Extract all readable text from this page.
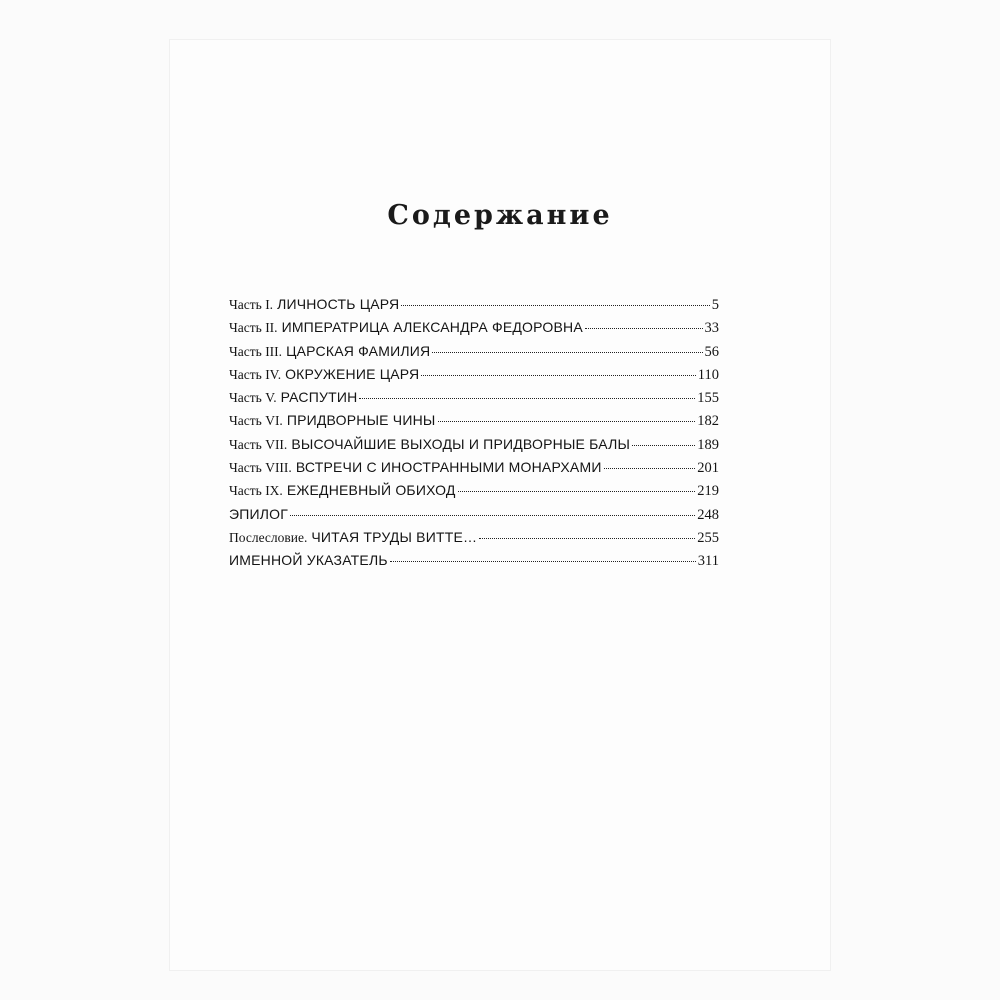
Содержание
Часть I. ЛИЧНОСТЬ ЦАРЯ	5
Часть II. ИМПЕРАТРИЦА АЛЕКСАНДРА ФЕДОРОВНА	33
Часть III. ЦАРСКАЯ ФАМИЛИЯ	56
Часть IV. ОКРУЖЕНИЕ ЦАРЯ	110
Часть V. РАСПУТИН	155
Часть VI. ПРИДВОРНЫЕ ЧИНЫ	182
Часть VII. ВЫСОЧАЙШИЕ ВЫХОДЫ И ПРИДВОРНЫЕ БАЛЫ	189
Часть VIII. ВСТРЕЧИ С ИНОСТРАННЫМИ МОНАРХАМИ	201
Часть IX. ЕЖЕДНЕВНЫЙ ОБИХОД	219
ЭПИЛОГ	248
Послесловие. ЧИТАЯ ТРУДЫ ВИТТЕ…	255
ИМЕННОЙ УКАЗАТЕЛЬ	311
